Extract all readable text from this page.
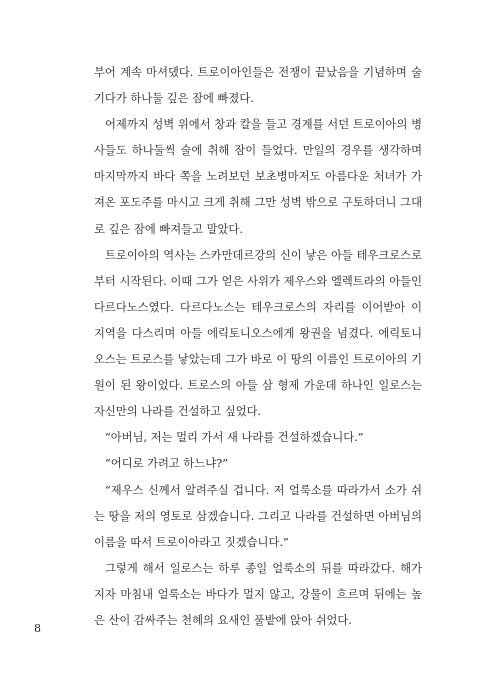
부어 계속 마셔댔다. 트로이아인들은 전쟁이 끝났음을 기념하며 술기다가 하나둘 깊은 잠에 빠졌다.

어제까지 성벽 위에서 창과 칼을 들고 경계를 서던 트로이아의 병사들도 하나둘씩 술에 취해 잠이 들었다. 만일의 경우를 생각하며 마지막까지 바다 쪽을 노려보던 보초병마저도 아름다운 처녀가 가져온 포도주를 마시고 크게 취해 그만 성벽 밖으로 구토하더니 그대로 깊은 잠에 빠져들고 말았다.

트로이아의 역사는 스카만데르강의 신이 낳은 아들 테우크로스로부터 시작된다. 이때 그가 얻은 사위가 제우스와 엘렉트라의 아들인 다르다노스였다. 다르다노스는 테우크로스의 자리를 이어받아 이 지역을 다스리며 아들 에릭토니오스에게 왕권을 넘겼다. 에릭토니오스는 트로스를 낳았는데 그가 바로 이 땅의 이름인 트로이아의 기원이 된 왕이었다. 트로스의 아들 삼 형제 가운데 하나인 일로스는 자신만의 나라를 건설하고 싶었다.

“아버님, 저는 멀리 가서 새 나라를 건설하겠습니다.”

“어디로 가려고 하느냐?”

“제우스 신께서 알려주실 겁니다. 저 얼룩소를 따라가서 소가 쉬는 땅을 저의 영토로 삼겠습니다. 그리고 나라를 건설하면 아버님의 이름을 따서 트로이아라고 짓겠습니다.”

그렇게 해서 일로스는 하루 종일 얼룩소의 뒤를 따라갔다. 해가 지자 마침내 얼룩소는 바다가 멀지 않고, 강물이 흐르며 뒤에는 높은 산이 감싸주는 천혜의 요새인 풀밭에 앉아 쉬었다.

8
